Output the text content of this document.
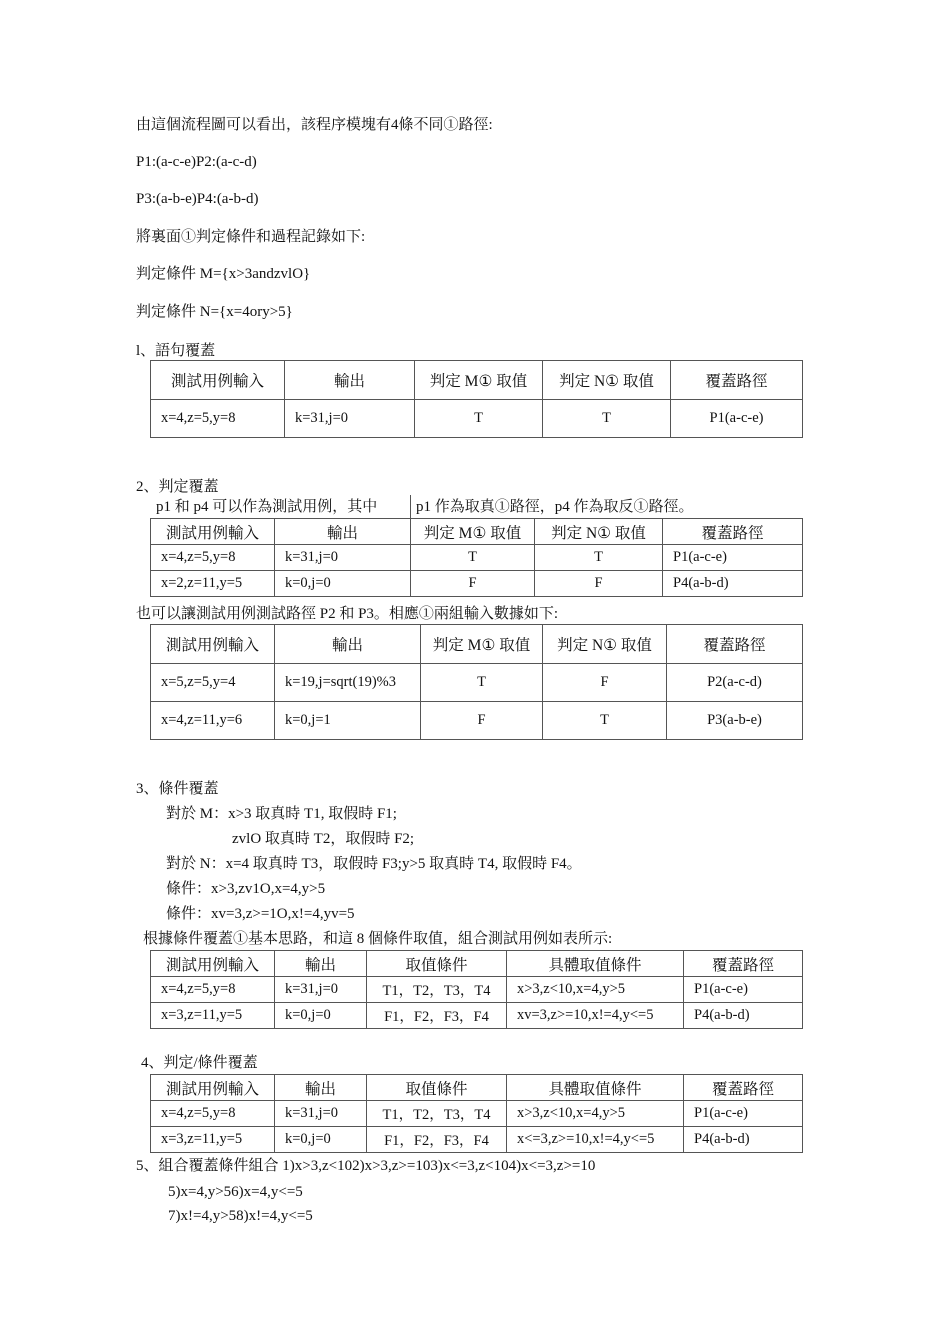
由這個流程圖可以看出，該程序模塊有4條不同①路徑:
P1:(a-c-e)P2:(a-c-d)
P3:(a-b-e)P4:(a-b-d)
將裏面①判定條件和過程記錄如下:
判定條件 M={x>3andzvlO}
判定條件 N={x=4ory>5}
l、語句覆蓋
測試用例輸入	輸出	判定 M① 取值	判定 N① 取值	覆蓋路徑
x=4,z=5,y=8	k=31,j=0	T	T	P1(a-c-e)
2、判定覆蓋
p1 和 p4 可以作為測試用例，其中	p1 作為取真①路徑，p4 作為取反①路徑。
測試用例輸入	輸出	判定 M① 取值	判定 N① 取值	覆蓋路徑
x=4,z=5,y=8	k=31,j=0	T	T	P1(a-c-e)
x=2,z=11,y=5	k=0,j=0	F	F	P4(a-b-d)
也可以讓測試用例測試路徑 P2 和 P3。相應①兩組輸入數據如下:
測試用例輸入	輸出	判定 M① 取值	判定 N① 取值	覆蓋路徑
x=5,z=5,y=4	k=19,j=sqrt(19)%3	T	F	P2(a-c-d)
x=4,z=11,y=6	k=0,j=1	F	T	P3(a-b-e)
3、條件覆蓋
對於 M：x>3 取真時 T1, 取假時 F1;
zvlO 取真時 T2，取假時 F2;
對於 N：x=4 取真時 T3，取假時 F3;y>5 取真時 T4, 取假時 F4。
條件：x>3,zv1O,x=4,y>5
條件：xv=3,z>=1O,x!=4,yv=5
根據條件覆蓋①基本思路，和這 8 個條件取值，組合測試用例如表所示:
測試用例輸入	輸出	取值條件	具體取值條件	覆蓋路徑
x=4,z=5,y=8	k=31,j=0	T1，T2，T3，T4	x>3,z<10,x=4,y>5	P1(a-c-e)
x=3,z=11,y=5	k=0,j=0	F1，F2，F3，F4	xv=3,z>=10,x!=4,y<=5	P4(a-b-d)
4、判定/條件覆蓋
測試用例輸入	輸出	取值條件	具體取值條件	覆蓋路徑
x=4,z=5,y=8	k=31,j=0	T1，T2，T3，T4	x>3,z<10,x=4,y>5	P1(a-c-e)
x=3,z=11,y=5	k=0,j=0	F1，F2，F3，F4	x<=3,z>=10,x!=4,y<=5	P4(a-b-d)
5、組合覆蓋條件組合 1)x>3,z<102)x>3,z>=103)x<=3,z<104)x<=3,z>=10
5)x=4,y>56)x=4,y<=5
7)x!=4,y>58)x!=4,y<=5
